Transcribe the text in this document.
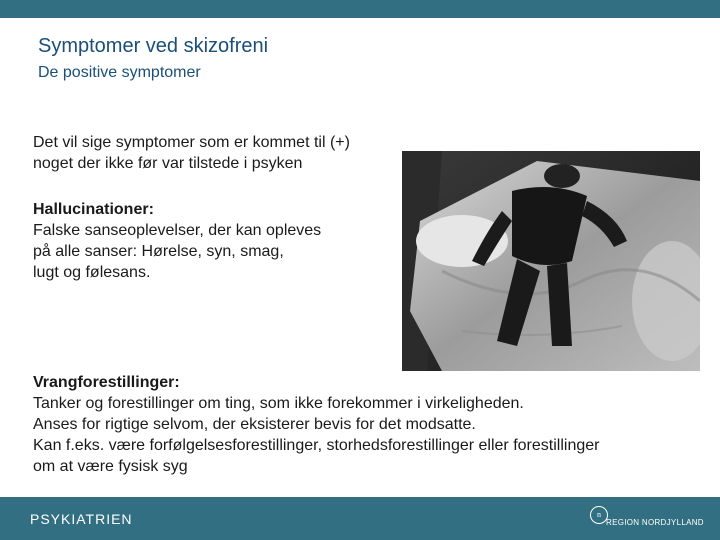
Symptomer ved skizofreni
De positive symptomer
Det vil sige symptomer som er kommet til (+)
noget der ikke før var tilstede i psyken
Hallucinationer:
Falske sanseoplevelser, der kan opleves
på alle sanser: Hørelse, syn, smag,
lugt og følesans.
Vrangforestillinger:
Tanker og forestillinger om ting, som ikke forekommer i virkeligheden.
Anses for rigtige selvom, der eksisterer bevis for det modsatte.
Kan f.eks. være forfølgelsesforestillinger, storhedsforestillinger eller forestillinger
om at være fysisk syg
PSYKIATRIEN	n
REGION NORDJYLLAND
